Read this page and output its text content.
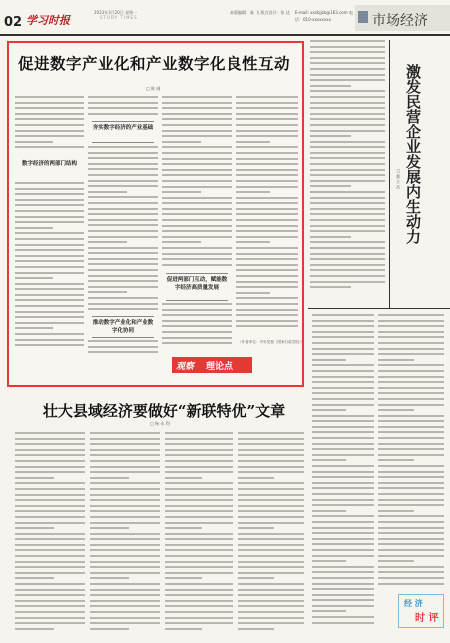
02 学习时报
2023年3月20日 星期一
STUDY TIMES
本版编辑：陈 飞 版式设计：张 达 E-mail: xxsbjjzk@163.com 电话：010-xxxxxxxx	市场经济
促进数字产业化和产业数字化良性互动
□ 陈 刚
数字经济的两部门结构
夯实数字经济的产业基础
推动数字产业化和产业数字化协同
促进两部门互动，赋能数字经济高质量发展
（作者单位：中央党校（国家行政学院））
观察 理论点
激发民营企业发展内生动力
□ 董 立 杰
壮大县域经济要做好“新联特优”文章
□ 杨 永 利
经 济
时 评
